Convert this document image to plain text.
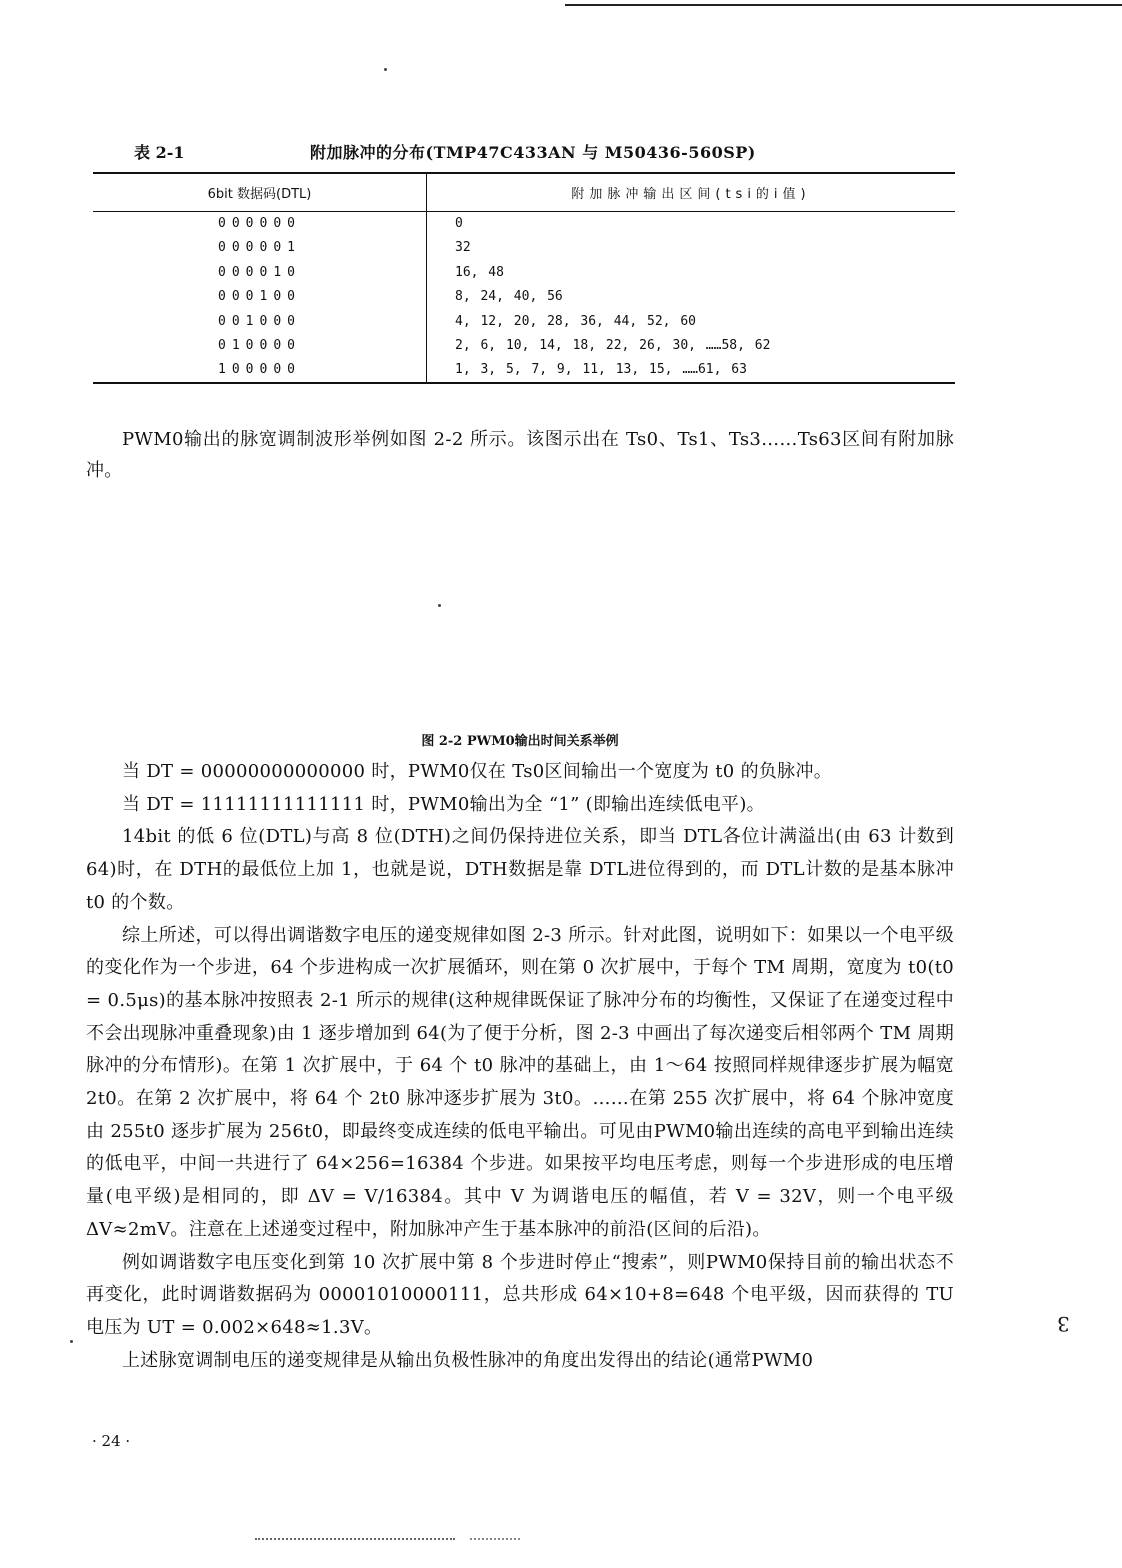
表 2-1	附加脉冲的分布(TMP47C433AN 与 M50436-560SP)
6bit 数据码(DTL)	附加脉冲输出区间(tsi的i值)
000000	0
000001	32
000010	16, 48
000100	8, 24, 40, 56
001000	4, 12, 20, 28, 36, 44, 52, 60
010000	2, 6, 10, 14, 18, 22, 26, 30, ……58, 62
100000	1, 3, 5, 7, 9, 11, 13, 15, ……61, 63

PWM0输出的脉宽调制波形举例如图 2-2 所示。该图示出在 Ts0、Ts1、Ts3……Ts63区间有附加脉冲。

图 2-2 PWM0输出时间关系举例

当 DT = 00000000000000 时，PWM0仅在 Ts0区间输出一个宽度为 t0 的负脉冲。

当 DT = 11111111111111 时，PWM0输出为全 “1” (即输出连续低电平)。

14bit 的低 6 位(DTL)与高 8 位(DTH)之间仍保持进位关系，即当 DTL各位计满溢出(由 63 计数到 64)时，在 DTH的最低位上加 1，也就是说，DTH数据是靠 DTL进位得到的，而 DTL计数的是基本脉冲 t0 的个数。

综上所述，可以得出调谐数字电压的递变规律如图 2-3 所示。针对此图，说明如下：如果以一个电平级的变化作为一个步进，64 个步进构成一次扩展循环，则在第 0 次扩展中，于每个 TM 周期，宽度为 t0(t0 = 0.5μs)的基本脉冲按照表 2-1 所示的规律(这种规律既保证了脉冲分布的均衡性，又保证了在递变过程中不会出现脉冲重叠现象)由 1 逐步增加到 64(为了便于分析，图 2-3 中画出了每次递变后相邻两个 TM 周期脉冲的分布情形)。在第 1 次扩展中，于 64 个 t0 脉冲的基础上，由 1～64 按照同样规律逐步扩展为幅宽 2t0。在第 2 次扩展中，将 64 个 2t0 脉冲逐步扩展为 3t0。……在第 255 次扩展中，将 64 个脉冲宽度由 255t0 逐步扩展为 256t0，即最终变成连续的低电平输出。可见由PWM0输出连续的高电平到输出连续的低电平，中间一共进行了 64×256=16384 个步进。如果按平均电压考虑，则每一个步进形成的电压增量(电平级)是相同的，即 ΔV = V/16384。其中 V 为调谐电压的幅值，若 V = 32V，则一个电平级 ΔV≈2mV。注意在上述递变过程中，附加脉冲产生于基本脉冲的前沿(区间的后沿)。

例如调谐数字电压变化到第 10 次扩展中第 8 个步进时停止“搜索”，则PWM0保持目前的输出状态不再变化，此时调谐数据码为 00001010000111，总共形成 64×10+8=648 个电平级，因而获得的 TU 电压为 UT = 0.002×648≈1.3V。

上述脉宽调制电压的递变规律是从输出负极性脉冲的角度出发得出的结论(通常PWM0

· 24 ·
3
